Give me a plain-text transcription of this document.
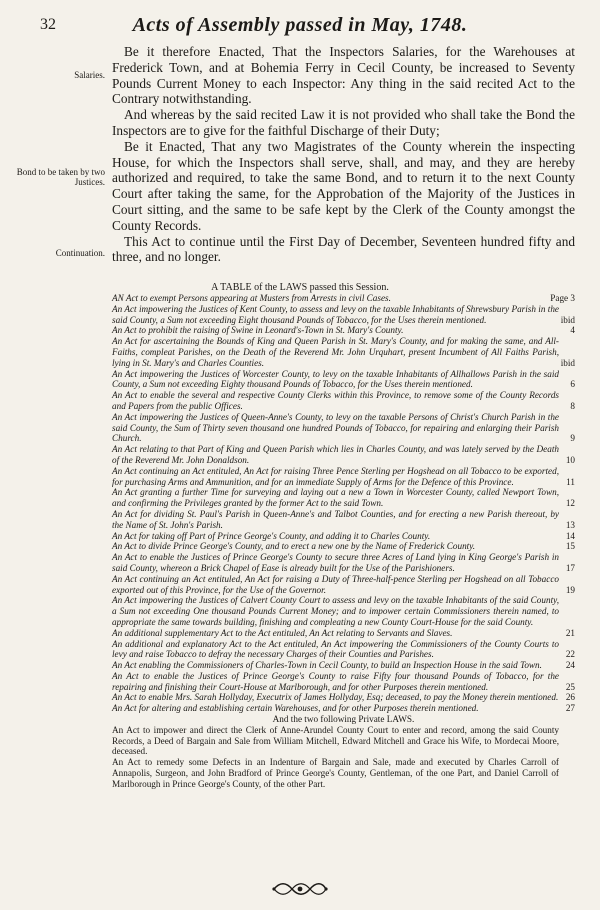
32	Acts of Assembly passed in May, 1748.
Salaries.
Bond to be taken by two Justices.
Continuation.

Be it therefore Enacted, That the Inspectors Salaries, for the Warehouses at Frederick Town, and at Bohemia Ferry in Cecil County, be increased to Seventy Pounds Current Money to each Inspector: Any thing in the said recited Act to the Contrary notwithstanding.

And whereas by the said recited Law it is not provided who shall take the Bond the Inspectors are to give for the faithful Discharge of their Duty;

Be it Enacted, That any two Magistrates of the County wherein the inspecting House, for which the Inspectors shall serve, shall, and may, and they are hereby authorized and required, to take the same Bond, and to return it to the next County Court after taking the same, for the Approbation of the Majority of the Justices in Court sitting, and the same to be safe kept by the Clerk of the County amongst the County Records.

This Act to continue until the First Day of December, Seventeen hundred fifty and three, and no longer.

A TABLE of the LAWS passed this Session.
AN Act to exempt Persons appearing at Musters from Arrests in civil Cases.	Page 3
An Act impowering the Justices of Kent County, to assess and levy on the taxable Inhabitants of Shrewsbury Parish in the said County, a Sum not exceeding Eight thousand Pounds of Tobacco, for the Uses therein mentioned.	ibid
An Act to prohibit the raising of Swine in Leonard's-Town in St. Mary's County.	4
An Act for ascertaining the Bounds of King and Queen Parish in St. Mary's County, and for making the same, and All-Faiths, compleat Parishes, on the Death of the Reverend Mr. John Urquhart, present Incumbent of All Faiths Parish, lying in St. Mary's and Charles Counties.	ibid
An Act impowering the Justices of Worcester County, to levy on the taxable Inhabitants of Allhallows Parish in the said County, a Sum not exceeding Eighty thousand Pounds of Tobacco, for the Uses therein mentioned.	6
An Act to enable the several and respective County Clerks within this Province, to remove some of the County Records and Papers from the public Offices.	8
An Act impowering the Justices of Queen-Anne's County, to levy on the taxable Persons of Christ's Church Parish in the said County, the Sum of Thirty seven thousand one hundred Pounds of Tobacco, for repairing and enlarging their Parish Church.	9
An Act relating to that Part of King and Queen Parish which lies in Charles County, and was lately served by the Death of the Reverend Mr. John Donaldson.	10
An Act continuing an Act entituled, An Act for raising Three Pence Sterling per Hogshead on all Tobacco to be exported, for purchasing Arms and Ammunition, and for an immediate Supply of Arms for the Defence of this Province.	11
An Act granting a further Time for surveying and laying out a new a Town in Worcester County, called Newport Town, and confirming the Privileges granted by the former Act to the said Town.	12
An Act for dividing St. Paul's Parish in Queen-Anne's and Talbot Counties, and for erecting a new Parish thereout, by the Name of St. John's Parish.	13
An Act for taking off Part of Prince George's County, and adding it to Charles County.	14
An Act to divide Prince George's County, and to erect a new one by the Name of Frederick County.	15
An Act to enable the Justices of Prince George's County to secure three Acres of Land lying in King George's Parish in said County, whereon a Brick Chapel of Ease is already built for the Use of the Parishioners.	17
An Act continuing an Act entituled, An Act for raising a Duty of Three-half-pence Sterling per Hogshead on all Tobacco exported out of this Province, for the Use of the Governor.	19
An Act impowering the Justices of Calvert County Court to assess and levy on the taxable Inhabitants of the said County, a Sum not exceeding One thousand Pounds Current Money; and to impower certain Commissioners therein named, to appropriate the same towards building, finishing and compleating a new County Court-House for the said County.
An additional supplementary Act to the Act entituled, An Act relating to Servants and Slaves.	21
An additional and explanatory Act to the Act entituled, An Act impowering the Commissioners of the County Courts to levy and raise Tobacco to defray the necessary Charges of their Counties and Parishes.	22
An Act enabling the Commissioners of Charles-Town in Cecil County, to build an Inspection House in the said Town.	24
An Act to enable the Justices of Prince George's County to raise Fifty four thousand Pounds of Tobacco, for the repairing and finishing their Court-House at Marlborough, and for other Purposes therein mentioned.	25
An Act to enable Mrs. Sarah Hollyday, Executrix of James Hollyday, Esq; deceased, to pay the Money therein mentioned. 26
An Act for altering and establishing certain Warehouses, and for other Purposes therein mentioned.	27
And the two following Private LAWS.
An Act to impower and direct the Clerk of Anne-Arundel County Court to enter and record, among the said County Records, a Deed of Bargain and Sale from William Mitchell, Edward Mitchell and Grace his Wife, to Mordecai Moore, deceased.
An Act to remedy some Defects in an Indenture of Bargain and Sale, made and executed by Charles Carroll of Annapolis, Surgeon, and John Bradford of Prince George's County, Gentleman, of the one Part, and Daniel Carroll of Marlborough in Prince George's County, of the other Part.
